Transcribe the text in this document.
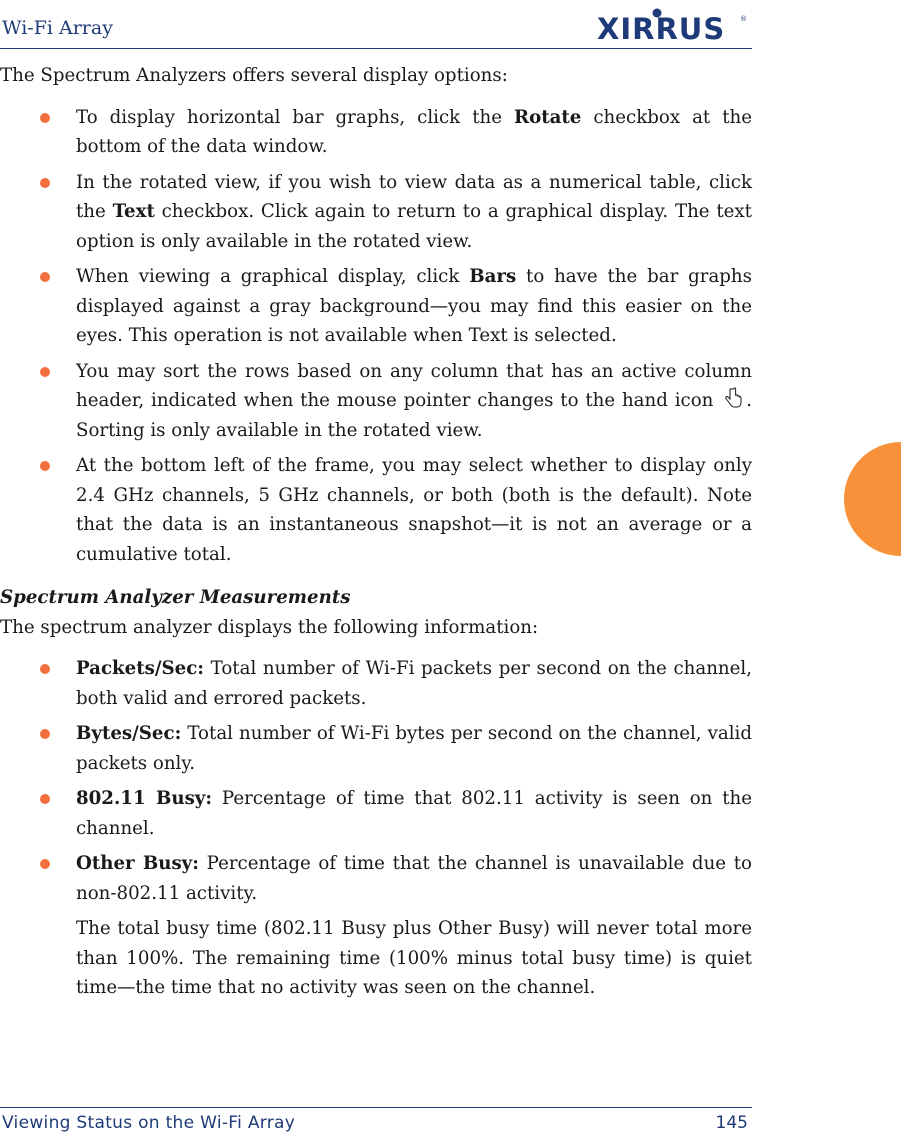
Wi-Fi Array	XIRRUS ®

The Spectrum Analyzers offers several display options:

To display horizontal bar graphs, click the Rotate checkbox at the bottom of the data window.
In the rotated view, if you wish to view data as a numerical table, click the Text checkbox. Click again to return to a graphical display. The text option is only available in the rotated view.
When viewing a graphical display, click Bars to have the bar graphs displayed against a gray background—you may find this easier on the eyes. This operation is not available when Text is selected.
You may sort the rows based on any column that has an active column header, indicated when the mouse pointer changes to the hand icon . Sorting is only available in the rotated view.
At the bottom left of the frame, you may select whether to display only 2.4 GHz channels, 5 GHz channels, or both (both is the default). Note that the data is an instantaneous snapshot—it is not an average or a cumulative total.

Spectrum Analyzer Measurements

The spectrum analyzer displays the following information:

Packets/Sec: Total number of Wi-Fi packets per second on the channel, both valid and errored packets.
Bytes/Sec: Total number of Wi-Fi bytes per second on the channel, valid packets only.
802.11 Busy: Percentage of time that 802.11 activity is seen on the channel.
Other Busy: Percentage of time that the channel is unavailable due to non-802.11 activity.

The total busy time (802.11 Busy plus Other Busy) will never total more than 100%. The remaining time (100% minus total busy time) is quiet time—the time that no activity was seen on the channel.

Viewing Status on the Wi-Fi Array	145
